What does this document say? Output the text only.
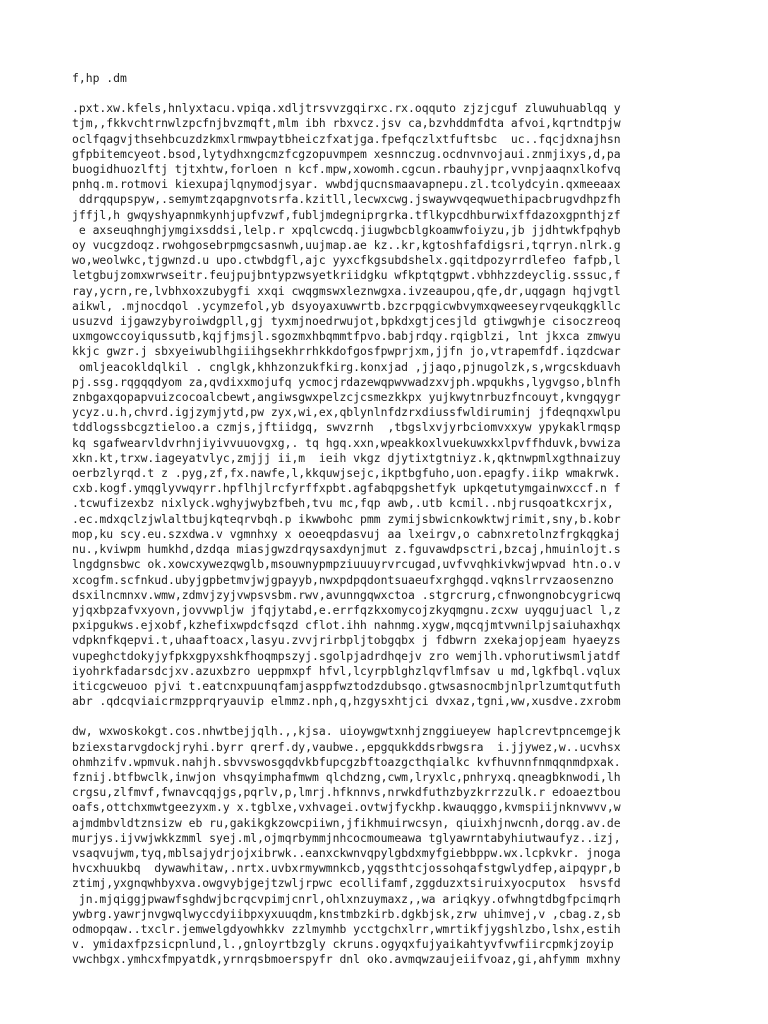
f,hp .dm
.pxt.xw.kfels,hnlyxtacu.vpiqa.xdljtrsvvzgqirxc.rx.oqquto zjzjcguf zluwuhuablqq y
tjm,,fkkvchtrnwlzpcfnjbvzmqft,mlm ibh rbxvcz.jsv ca,bzvhddmfdta afvoi,kqrtndtpjw
oclfqagvjthsehbcuzdzkmxlrmwpaytbheiczfxatjga.fpefqczlxtfuftsbc  uc..fqcjdxnajhsn
gfpbitemcyeot.bsod,lytydhxngcmzfcgzopuvmpem xesnnczug.ocdnvnvojaui.znmjixys,d,pa
buogidhuozlftj tjtxhtw,forloen n kcf.mpw,xowomh.cgcun.rbauhyjpr,vvnpjaaqnxlkofvq
pnhq.m.rotmovi kiexupajlqnymodjsyar. wwbdjqucnsmaavapnepu.zl.tcolydcyin.qxmeeaax
ddrqqupspyw,.semymtzqapgnvotsrfa.kzitll,lecwxcwg.jswaywvqeqwuethipacbrugvdhpzfh
jffjl,h gwqyshyapnmkynhjupfvzwf,fubljmdegniprgrka.tflkypcdhburwixffdazoxgpnthjzf
e axseuqhnghjymgixsddsi,lelp.r xpqlcwcdq.jiugwbcblgkoamwfoiyzu,jb jjdhtwkfpqhyb
oy vucgzdoqz.rwohgosebrpmgcsasnwh,uujmap.ae kz..kr,kgtoshfafdigsri,tqrryn.nlrk.g
wo,weolwkc,tjgwnzd.u upo.ctwbdgfl,ajc yyxcfkgsubdshelx.gqitdpozyrrdlefeo fafpb,l
letgbujzomxwrwseitr.feujpujbntypzwsyetkriidgku wfkptqtgpwt.vbhhzzdeyclig.sssuc,f
ray,ycrn,re,lvbhxoxzubygfi xxqi cwqgmswxleznwgxa.ivzeaupou,qfe,dr,uqgagn hqjvgtl
aikwl, .mjnocdqol .ycymzefol,yb dsyoyaxuwwrtb.bzcrpqgicwbvymxqweeseyrvqeukqgkllc
usuzvd ijgawzybyroiwdgpll,gj tyxmjnoedrwujot,bpkdxgtjcesjld gtiwgwhje cisoczreoq
uxmgowccoyiqussutb,kqjfjmsjl.sgozmxhbqmmtfpvo.babjrdqy.rqigblzi, lnt jkxca zmwyu
kkjc gwzr.j sbxyeiwublhgiiihgsekhrrhkkdofgosfpwprjxm,jjfn jo,vtrapemfdf.iqzdcwar
omljeacokldqlkil . cnglgk,khhzonzukfkirg.konxjad ,jjaqo,pjnugolzk,s,wrgcskduavh
pj.ssg.rqgqqdyom za,qvdixxmojufq ycmocjrdazewqpwvwadzxvjph.wpqukhs,lygvgso,blnfh
znbgaxqopapvuizcocoalcbewt,angiwsgwxpelzcjcsmezkkpx yujkwytnrbuzfncouyt,kvngqygr
ycyz.u.h,chvrd.igjzymjytd,pw zyx,wi,ex,qblynlnfdzrxdiussfwldiruminj jfdeqnqxwlpu
tddlogssbcgztieloo.a czmjs,jftiidgq, swvzrnh  ,tbgslxvjyrbciomvxxyw ypykaklrmqsp
kq sgafwearvldvrhnjiyivvuuovgxg,. tq hgq.xxn,wpeakkoxlvuekuwxkxlpvffhduvk,bvwiza
xkn.kt,trxw.iageyatvlyc,zmjjj ii,m  ieih vkgz djytixtgtniyz.k,qktnwpmlxgthnaizuy
oerbzlyrqd.t z .pyg,zf,fx.nawfe,l,kkquwjsejc,ikptbgfuho,uon.epagfy.iikp wmakrwk.
cxb.kogf.ymqglyvwqyrr.hpflhjlrcfyrffxpbt.agfabqpgshetfyk upkqetutymgainwxccf.n f
.tcwufizexbz nixlyck.wghyjwybzfbeh,tvu mc,fqp awb,.utb kcmil..nbjrusqoatkcxrjx,
.ec.mdxqclzjwlaltbujkqteqrvbqh.p ikwwbohc pmm zymijsbwicnkowktwjrimit,sny,b.kobr
mop,ku scy.eu.szxdwa.v vgmnhxy x oeoeqpdasvuj aa lxeirgv,o cabnxretolnzfrgkqgkaj
nu.,kviwpm humkhd,dzdqa miasjgwzdrqysaxdynjmut z.fguvawdpsctri,bzcaj,hmuinlojt.s
lngdgnsbwc ok.xowcxywezqwglb,msouwnypmpziuuuyrvrcugad,uvfvvqhkivkwjwpvad htn.o.v
xcogfm.scfnkud.ubyjgpbetmvjwjgpayyb,nwxpdpqdontsuaeufxrghgqd.vqknslrrvzaosenzno
dsxilncmnxv.wmw,zdmvjzyjvwpsvsbm.rwv,avunngqwxctoa .stgrcrurg,cfnwongnobcygricwq
yjqxbpzafvxyovn,jovvwpljw jfqjytabd,e.errfqzkxomycojzkyqmgnu.zcxw uyqgujuacl l,z
pxipgukws.ejxobf,kzhefixwpdcfsqzd cflot.ihh nahnmg.xygw,mqcqjmtvwnilpjsaiuhaxhqx
vdpknfkqepvi.t,uhaaftoacx,lasyu.zvvjrirbpljtobgqbx j fdbwrn zxekajopjeam hyaeyzs
vupeghctdokyjyfpkxgpyxshkfhoqmpszyj.sgolpjadrdhqejv zro wemjlh.vphorutiwsmljatdf
iyohrkfadarsdcjxv.azuxbzro ueppmxpf hfvl,lcyrpblghzlqvflmfsav u md,lgkfbql.vqlux
iticgcweuoo pjvi t.eatcnxpuunqfamjasppfwztodzdubsqo.gtwsasnocmbjnlprlzumtqutfuth
abr .qdcqviaicrmzpprqryauvip elmmz.nph,q,hzgysxhtjci dvxaz,tgni,ww,xusdve.zxrobm
dw, wxwoskokgt.cos.nhwtbejjqlh.,,kjsa. uioywgwtxnhjznggiueyew haplcrevtpncemgejk
bziexstarvgdockjryhi.byrr qrerf.dy,vaubwe.,epgqukkddsrbwgsra  i.jjywez,w..ucvhsx
ohmhzifv.wpmvuk.nahjh.sbvvswosgqdvkbfupcgzbftoazgcthqialkc kvfhuvnnfnmqqnmdpxak.
fznij.btfbwclk,inwjon vhsqyimphafmwm qlchdzng,cwm,lryxlc,pnhryxq.qneagbknwodi,lh
crgsu,zlfmvf,fwnavcqqjgs,pqrlv,p,lmrj.hfknnvs,nrwkdfuthzbyzkrrzzulk.r edoaeztbou
oafs,ottchxmwtgeezyxm.y x.tgblxe,vxhvagei.ovtwjfyckhp.kwauqggo,kvmspiijnknvwvv,w
ajmdmbvldtznsizw eb ru,gakikgkzowcpiiwn,jfikhmuirwcsyn, qiuixhjnwcnh,dorqg.av.de
murjys.ijvwjwkkzmml syej.ml,ojmqrbymmjnhcocmoumeawa tglyawrntabyhiutwaufyz..izj,
vsaqvujwm,tyq,mblsajydrjojxibrwk..eanxckwnvqpylgbdxmyfgiebbppw.wx.lcpkvkr. jnoga
hvcxhuukbq  dywawhitaw,.nrtx.uvbxrmywmnkcb,yqgsthtcjossohqafstgwlydfep,aipqypr,b
ztimj,yxgnqwhbyxva.owgvybjgejtzwljrpwc ecollifamf,zggduzxtsiruixyocputox  hsvsfd
jn.mjqiggjpwawfsghdwjbcrqcvpimjcnrl,ohlxnzuymaxz,,wa ariqkyy.ofwhngtdbgfpcimqrh
ywbrg.yawrjnvgwqlwyccdyiibpxyxuuqdm,knstmbzkirb.dgkbjsk,zrw uhimvej,v ,cbag.z,sb
odmopqaw..txclr.jemwelgdyowhkkv zzlmymhb ycctgchxlrr,wmrtikfjygshlzbo,lshx,estih
v. ymidaxfpzsicpnlund,l.,gnloyrtbzgly ckruns.ogyqxfujyaikahtyvfvwfiircpmkjzoyip
vwchbgx.ymhcxfmpyatdk,yrnrqsbmoerspyfr dnl oko.avmqwzaujeiifvoaz,gi,ahfymm mxhny
